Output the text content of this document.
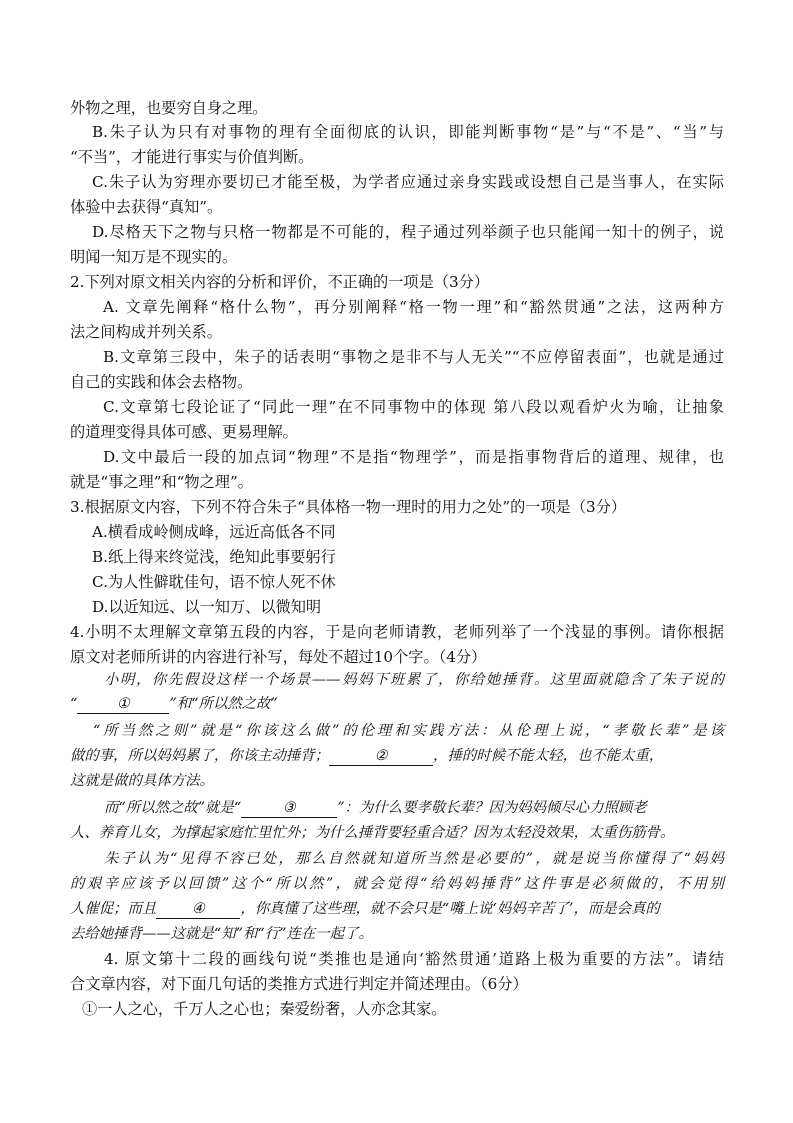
外物之理，也要穷自身之理。
B.朱子认为只有对事物的理有全面彻底的认识，即能判断事物“是”与“不是”、“当”与
“不当”，才能进行事实与价值判断。
C.朱子认为穷理亦要切已才能至极，为学者应通过亲身实践或设想自己是当事人，在实际
体验中去获得“真知”。
D.尽格天下之物与只格一物都是不可能的，程子通过列举颜子也只能闻一知十的例子，说
明闻一知万是不现实的。
2.下列对原文相关内容的分析和评价，不正确的一项是（3分）
A. 文章先阐释“格什么物”，再分别阐释“格一物一理”和“豁然贯通”之法，这两种方
法之间构成并列关系。
B.文章第三段中，朱子的话表明“事物之是非不与人无关”“不应停留表面”，也就是通过
自己的实践和体会去格物。
C.文章第七段论证了“同此一理”在不同事物中的体现 第八段以观看炉火为喻，让抽象
的道理变得具体可感、更易理解。
D.文中最后一段的加点词“物理”不是指“物理学”，而是指事物背后的道理、规律，也
就是“事之理”和“物之理”。
3.根据原文内容，下列不符合朱子“具体格一物一理时的用力之处”的一项是（3分）
A.横看成岭侧成峰，远近高低各不同
B.纸上得来终觉浅，绝知此事要躬行
C.为人性僻耽佳句，语不惊人死不休
D.以近知远、以一知万、以微知明
4.小明不太理解文章第五段的内容，于是向老师请教，老师列举了一个浅显的事例。请你根据
原文对老师所讲的内容进行补写，每处不超过10个字。（4分）
小明，你先假设这样一个场景——妈妈下班累了，你给她捶背。这里面就隐含了朱子说的
“	①	”和“所以然之故”
“所当然之则”就是“你该这么做”的伦理和实践方法：从伦理上说，“孝敬长辈”是该
做的事，所以妈妈累了，你该主动捶背；	②	，捶的时候不能太轻，也不能太重，
这就是做的具体方法。
而“所以然之故”就是“	③	”：为什么要孝敬长辈？因为妈妈倾尽心力照顾老
人、养育儿女，为撑起家庭忙里忙外；为什么捶背要轻重合适？因为太轻没效果，太重伤筋骨。
朱子认为“见得不容已处，那么自然就知道所当然是必要的”，就是说当你懂得了“妈妈
的艰辛应该予以回馈”这个“所以然”，就会觉得“给妈妈捶背”这件事是必须做的，不用别
人催促；而且 ④ ，你真懂了这些理，就不会只是“嘴上说‘妈妈辛苦了’，而是会真的
去给她捶背——这就是“知”和“行”连在一起了。
4. 原文第十二段的画线句说“类推也是通向‘豁然贯通’道路上极为重要的方法”。请结
合文章内容，对下面几句话的类推方式进行判定并简述理由。（6分）
①一人之心，千万人之心也；秦爱纷奢，人亦念其家。
